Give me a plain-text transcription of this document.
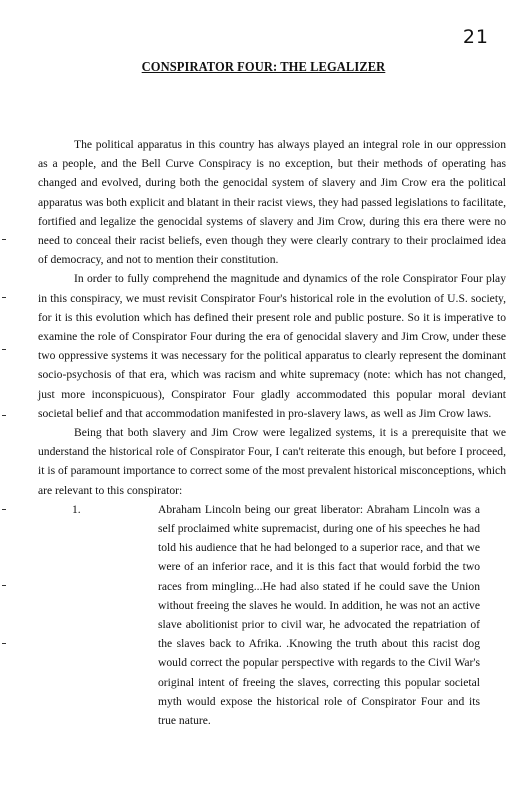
21
CONSPIRATOR FOUR: THE LEGALIZER

The political apparatus in this country has always played an integral role in our oppression as a people, and the Bell Curve Conspiracy is no exception, but their methods of operating has changed and evolved, during both the genocidal system of slavery and Jim Crow era the political apparatus was both explicit and blatant in their racist views, they had passed legislations to facilitate, fortified and legalize the genocidal systems of slavery and Jim Crow, during this era there were no need to conceal their racist beliefs, even though they were clearly contrary to their proclaimed idea of democracy, and not to mention their constitution.

In order to fully comprehend the magnitude and dynamics of the role Conspirator Four play in this conspiracy, we must revisit Conspirator Four's historical role in the evolution of U.S. society, for it is this evolution which has defined their present role and public posture. So it is imperative to examine the role of Conspirator Four during the era of genocidal slavery and Jim Crow, under these two oppressive systems it was necessary for the political apparatus to clearly represent the dominant socio-psychosis of that era, which was racism and white supremacy (note: which has not changed, just more inconspicuous), Conspirator Four gladly accommodated this popular moral deviant societal belief and that accommodation manifested in pro-slavery laws, as well as Jim Crow laws.

Being that both slavery and Jim Crow were legalized systems, it is a prerequisite that we understand the historical role of Conspirator Four, I can't reiterate this enough, but before I proceed, it is of paramount importance to correct some of the most prevalent historical misconceptions, which are relevant to this conspirator:

1.	Abraham Lincoln being our great liberator: Abraham Lincoln was a self proclaimed white supremacist, during one of his speeches he had told his audience that he had belonged to a superior race, and that we were of an inferior race, and it is this fact that would forbid the two races from mingling...He had also stated if he could save the Union without freeing the slaves he would. In addition, he was not an active slave abolitionist prior to civil war, he advocated the repatriation of the slaves back to Afrika. .Knowing the truth about this racist dog would correct the popular perspective with regards to the Civil War's original intent of freeing the slaves, correcting this popular societal myth would expose the historical role of Conspirator Four and its true nature.
